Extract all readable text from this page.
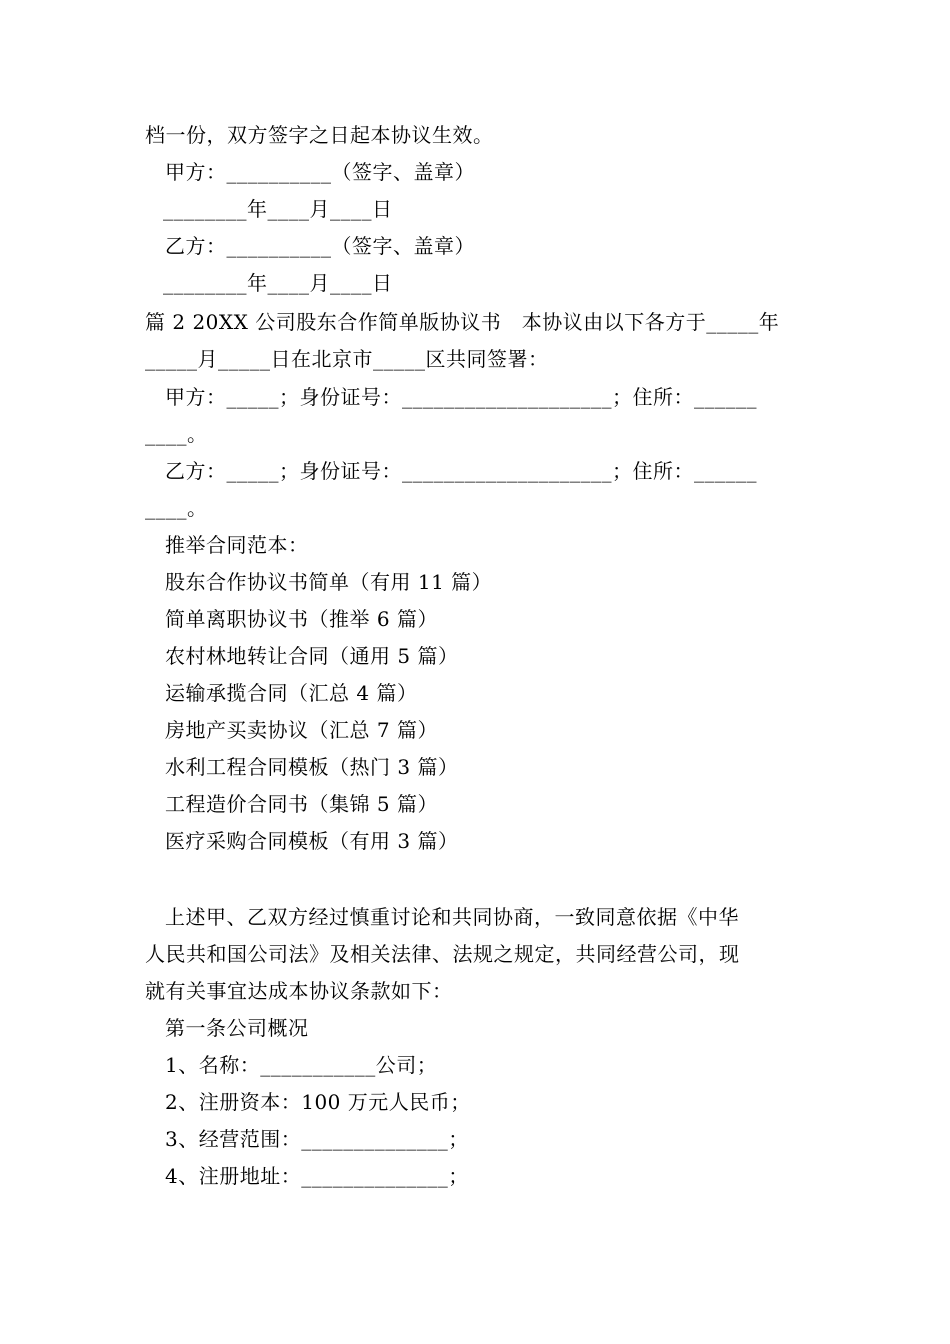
档一份，双方签字之日起本协议生效。
甲方：__________（签字、盖章）
________年____月____日
乙方：__________（签字、盖章）
________年____月____日
篇 2 20XX 公司股东合作简单版协议书　本协议由以下各方于_____年
_____月_____日在北京市_____区共同签署：
甲方：_____；身份证号：____________________；住所：______
____。
乙方：_____；身份证号：____________________；住所：______
____。
推举合同范本：
股东合作协议书简单（有用 11 篇）
简单离职协议书（推举 6 篇）
农村林地转让合同（通用 5 篇）
运输承揽合同（汇总 4 篇）
房地产买卖协议（汇总 7 篇）
水利工程合同模板（热门 3 篇）
工程造价合同书（集锦 5 篇）
医疗采购合同模板（有用 3 篇）
上述甲、乙双方经过慎重讨论和共同协商，一致同意依据《中华
人民共和国公司法》及相关法律、法规之规定，共同经营公司，现
就有关事宜达成本协议条款如下：
第一条公司概况
1、名称：___________公司；
2、注册资本：100 万元人民币；
3、经营范围：______________；
4、注册地址：______________；
